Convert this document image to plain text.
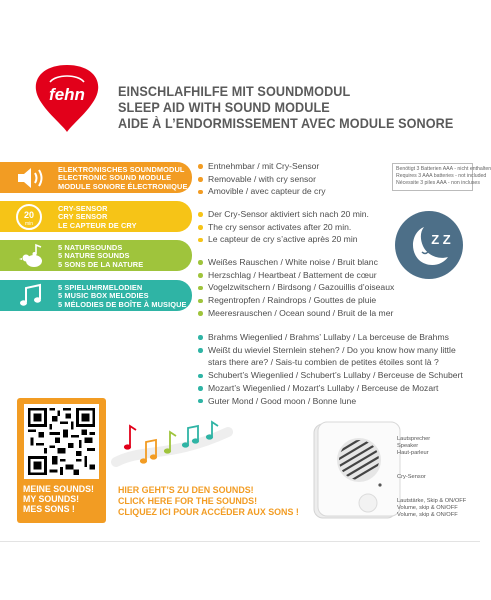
fehn EINSCHLAFHILFE MIT SOUNDMODUL
SLEEP AID WITH SOUND MODULE
AIDE À L’ENDORMISSEMENT AVEC MODULE SONORE
ELEKTRONISCHES SOUNDMODUL
ELECTRONIC SOUND MODULE
MODULE SONORE ÉLECTRONIQUE
20
min
CRY-SENSOR
CRY SENSOR
LE CAPTEUR DE CRY
5 NATURSOUNDS
5 NATURE SOUNDS
5 SONS DE LA NATURE
5 SPIELUHRMELODIEN
5 MUSIC BOX MELODIES
5 MÉLODIES DE BOÎTE À MUSIQUE
Entnehmbar / mit Cry-Sensor
Removable / with cry sensor
Amovible / avec capteur de cry
Benötigt 3 Batterien AAA - nicht enthalten
Requires 3 AAA batteries - not included
Nécessite 3 piles AAA - non incluses
Der Cry-Sensor aktiviert sich nach 20 min.
The cry sensor activates after 20 min.
Le capteur de cry s’active après 20 min	Z Z
Weißes Rauschen / White noise / Bruit blanc
Herzschlag / Heartbeat / Battement de cœur
Vogelzwitschern / Birdsong / Gazouillis d’oiseaux
Regentropfen / Raindrops / Gouttes de pluie
Meeresrauschen / Ocean sound / Bruit de la mer
Brahms Wiegenlied / Brahms’ Lullaby / La berceuse de Brahms
Weißt du wieviel Sternlein stehen? / Do you know how many little stars there are? / Sais-tu combien de petites étoiles sont là ?
Schubert’s Wiegenlied / Schubert’s Lullaby / Berceuse de Schubert
Mozart’s Wiegenlied / Mozart’s Lullaby / Berceuse de Mozart
Guter Mond / Good moon / Bonne lune
MEINE SOUNDS!
MY SOUNDS!
MES SONS !
HIER GEHT’S ZU DEN SOUNDS!
CLICK HERE FOR THE SOUNDS!
CLIQUEZ ICI POUR ACCÉDER AUX SONS !
Lautsprecher
Speaker
Haut-parleur
Cry-Sensor
Lautstärke, Skip & ON/OFF
Volume, skip & ON/OFF
Volume, skip & ON/OFF
